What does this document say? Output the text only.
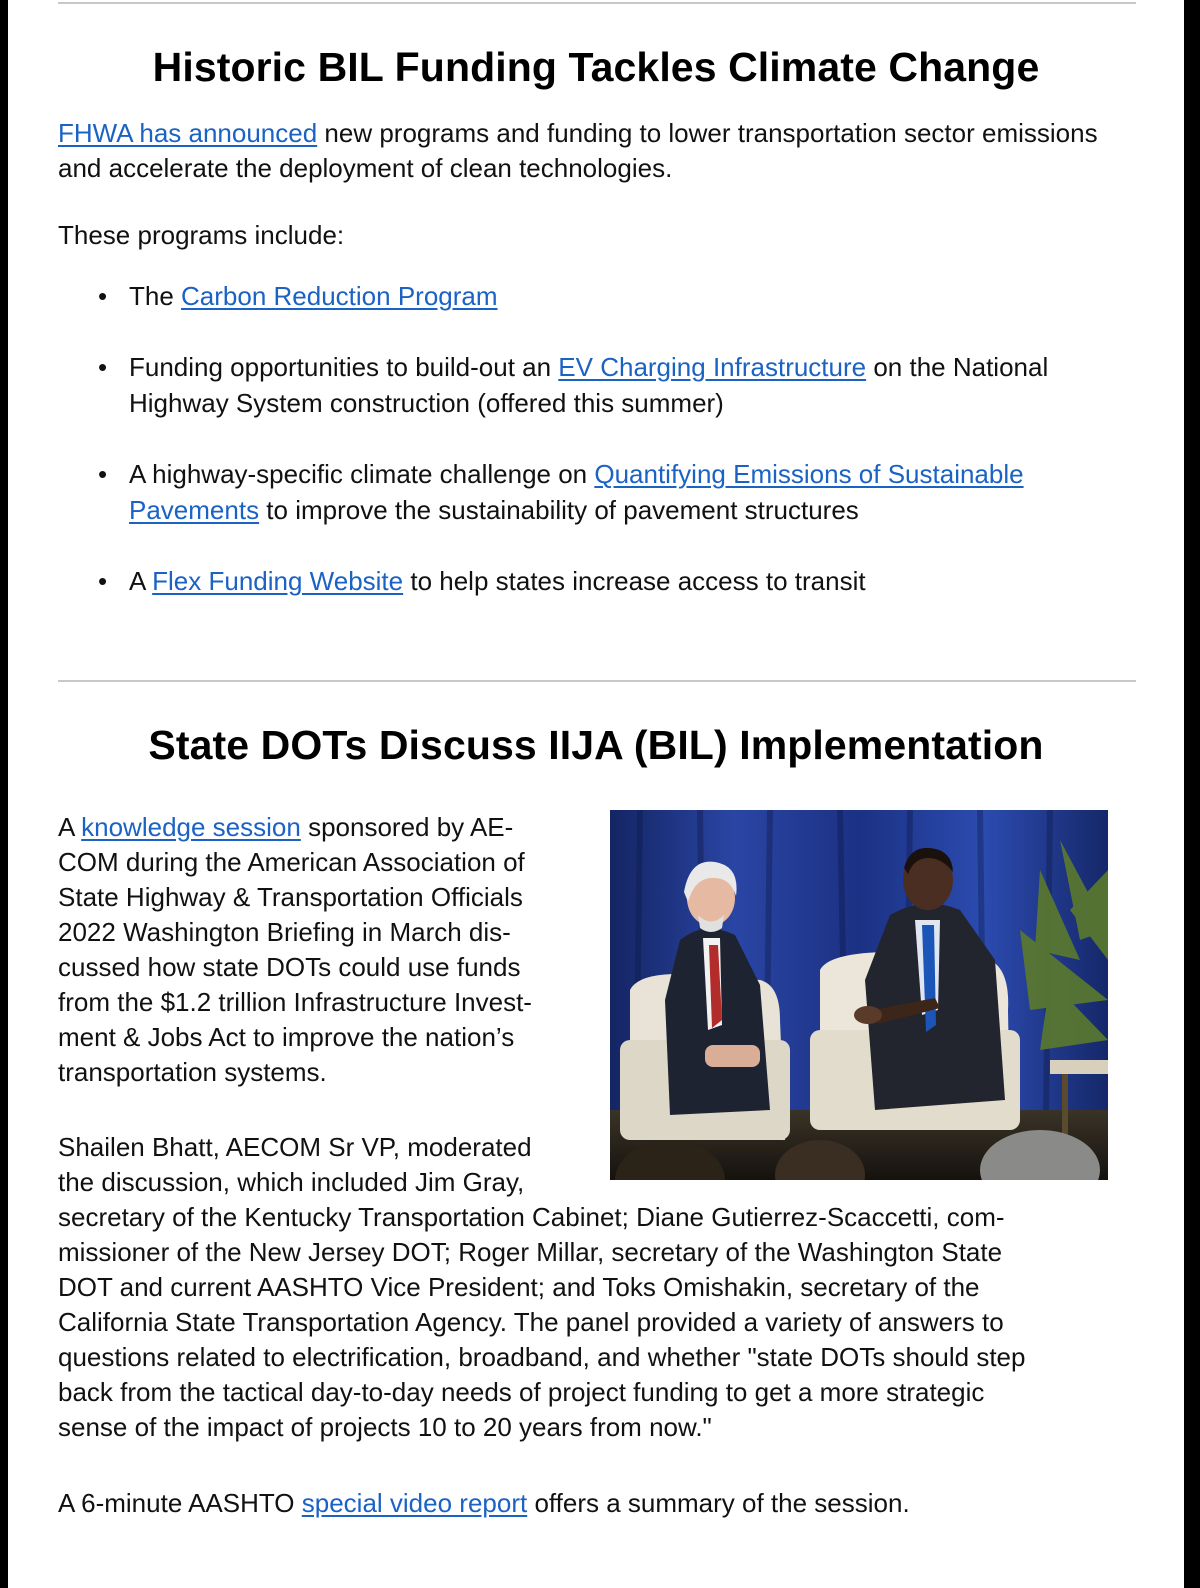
Historic BIL Funding Tackles Climate Change
FHWA has announced new programs and funding to lower transportation sector emissions and accelerate the deployment of clean technologies.
These programs include:
• The Carbon Reduction Program
• Funding opportunities to build-out an EV Charging Infrastructure on the National Highway System construction (offered this summer)
• A highway-specific climate challenge on Quantifying Emissions of Sustainable Pavements to improve the sustainability of pavement structures
• A Flex Funding Website to help states increase access to transit
State DOTs Discuss IIJA (BIL) Implementation
A knowledge session sponsored by AE-
COM during the American Association of
State Highway & Transportation Officials
2022 Washington Briefing in March dis-
cussed how state DOTs could use funds
from the $1.2 trillion Infrastructure Invest-
ment & Jobs Act to improve the nation’s
transportation systems.
Shailen Bhatt, AECOM Sr VP, moderated
the discussion, which included Jim Gray,
secretary of the Kentucky Transportation Cabinet; Diane Gutierrez-Scaccetti, com-
missioner of the New Jersey DOT; Roger Millar, secretary of the Washington State
DOT and current AASHTO Vice President; and Toks Omishakin, secretary of the
California State Transportation Agency. The panel provided a variety of answers to
questions related to electrification, broadband, and whether "state DOTs should step
back from the tactical day-to-day needs of project funding to get a more strategic
sense of the impact of projects 10 to 20 years from now."
A 6-minute AASHTO special video report offers a summary of the session.
